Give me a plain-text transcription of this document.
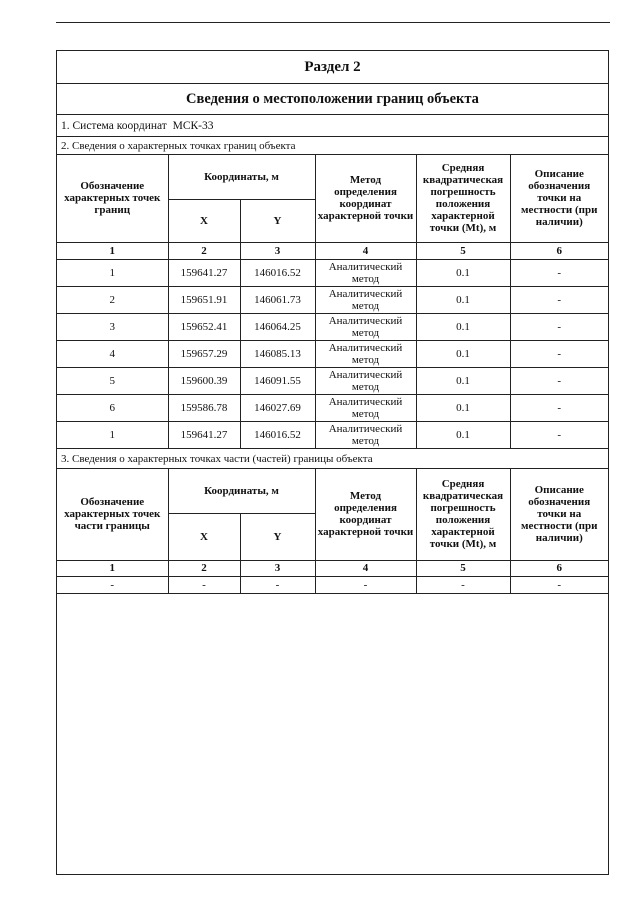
Раздел 2
Сведения о местоположении границ объекта
1. Система координат МСК-33
2. Сведения о характерных точках границ объекта
Обозначение характерных точек границ	Координаты, м		Метод определения координат характерной точки	Средняя квадратическая погрешность положения характерной точки (Mt), м	Описание обозначения точки на местности (при наличии)
	X	Y			
1	2	3	4	5	6
1	159641.27	146016.52	Аналитический метод	0.1	-
2	159651.91	146061.73	Аналитический метод	0.1	-
3	159652.41	146064.25	Аналитический метод	0.1	-
4	159657.29	146085.13	Аналитический метод	0.1	-
5	159600.39	146091.55	Аналитический метод	0.1	-
6	159586.78	146027.69	Аналитический метод	0.1	-
1	159641.27	146016.52	Аналитический метод	0.1	-
3. Сведения о характерных точках части (частей) границы объекта
Обозначение характерных точек части границы	Координаты, м		Метод определения координат характерной точки	Средняя квадратическая погрешность положения характерной точки (Mt), м	Описание обозначения точки на местности (при наличии)
	X	Y			
1	2	3	4	5	6
-	-	-	-	-	-
